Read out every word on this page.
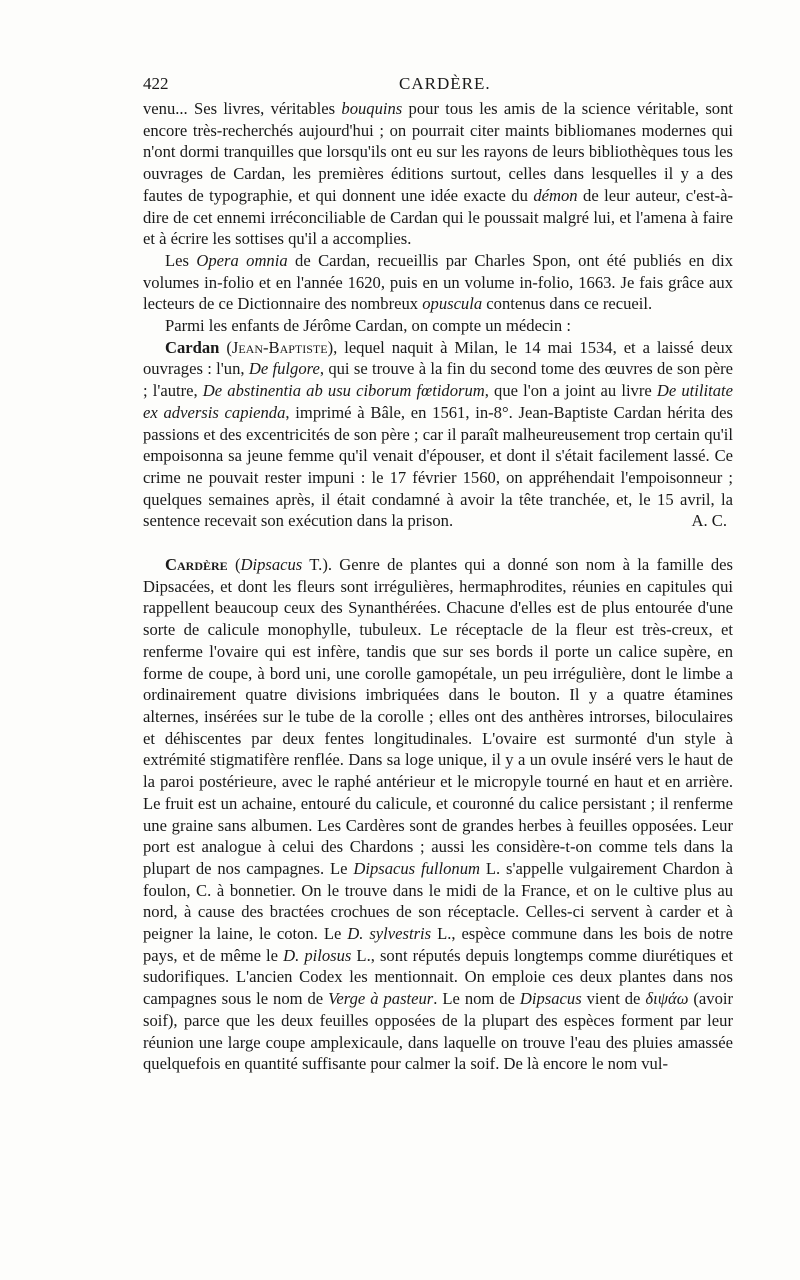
422	CARDÈRE.

venu... Ses livres, véritables bouquins pour tous les amis de la science véritable, sont encore très-recherchés aujourd'hui ; on pourrait citer maints bibliomanes modernes qui n'ont dormi tranquilles que lorsqu'ils ont eu sur les rayons de leurs bibliothèques tous les ouvrages de Cardan, les premières éditions surtout, celles dans lesquelles il y a des fautes de typographie, et qui donnent une idée exacte du démon de leur auteur, c'est-à-dire de cet ennemi irréconciliable de Cardan qui le poussait malgré lui, et l'amena à faire et à écrire les sottises qu'il a accomplies.

Les Opera omnia de Cardan, recueillis par Charles Spon, ont été publiés en dix volumes in-folio et en l'année 1620, puis en un volume in-folio, 1663. Je fais grâce aux lecteurs de ce Dictionnaire des nombreux opuscula contenus dans ce recueil.

Parmi les enfants de Jérôme Cardan, on compte un médecin :

Cardan (Jean-Baptiste), lequel naquit à Milan, le 14 mai 1534, et a laissé deux ouvrages : l'un, De fulgore, qui se trouve à la fin du second tome des œuvres de son père ; l'autre, De abstinentia ab usu ciborum fœtidorum, que l'on a joint au livre De utilitate ex adversis capienda, imprimé à Bâle, en 1561, in-8°. Jean-Baptiste Cardan hérita des passions et des excentricités de son père ; car il paraît malheureusement trop certain qu'il empoisonna sa jeune femme qu'il venait d'épouser, et dont il s'était facilement lassé. Ce crime ne pouvait rester impuni : le 17 février 1560, on appréhendait l'empoisonneur ; quelques semaines après, il était condamné à avoir la tête tranchée, et, le 15 avril, la sentence recevait son exécution dans la prison.	A. C.

Cardère (Dipsacus T.). Genre de plantes qui a donné son nom à la famille des Dipsacées, et dont les fleurs sont irrégulières, hermaphrodites, réunies en capitules qui rappellent beaucoup ceux des Synanthérées. Chacune d'elles est de plus entourée d'une sorte de calicule monophylle, tubuleux. Le réceptacle de la fleur est très-creux, et renferme l'ovaire qui est infère, tandis que sur ses bords il porte un calice supère, en forme de coupe, à bord uni, une corolle gamopétale, un peu irrégulière, dont le limbe a ordinairement quatre divisions imbriquées dans le bouton. Il y a quatre étamines alternes, insérées sur le tube de la corolle ; elles ont des anthères introrses, biloculaires et déhiscentes par deux fentes longitudinales. L'ovaire est surmonté d'un style à extrémité stigmatifère renflée. Dans sa loge unique, il y a un ovule inséré vers le haut de la paroi postérieure, avec le raphé antérieur et le micropyle tourné en haut et en arrière. Le fruit est un achaine, entouré du calicule, et couronné du calice persistant ; il renferme une graine sans albumen. Les Cardères sont de grandes herbes à feuilles opposées. Leur port est analogue à celui des Chardons ; aussi les considère-t-on comme tels dans la plupart de nos campagnes. Le Dipsacus fullonum L. s'appelle vulgairement Chardon à foulon, C. à bonnetier. On le trouve dans le midi de la France, et on le cultive plus au nord, à cause des bractées crochues de son réceptacle. Celles-ci servent à carder et à peigner la laine, le coton. Le D. sylvestris L., espèce commune dans les bois de notre pays, et de même le D. pilosus L., sont réputés depuis longtemps comme diurétiques et sudorifiques. L'ancien Codex les mentionnait. On emploie ces deux plantes dans nos campagnes sous le nom de Verge à pasteur. Le nom de Dipsacus vient de διψάω (avoir soif), parce que les deux feuilles opposées de la plupart des espèces forment par leur réunion une large coupe amplexicaule, dans laquelle on trouve l'eau des pluies amassée quelquefois en quantité suffisante pour calmer la soif. De là encore le nom vul-
